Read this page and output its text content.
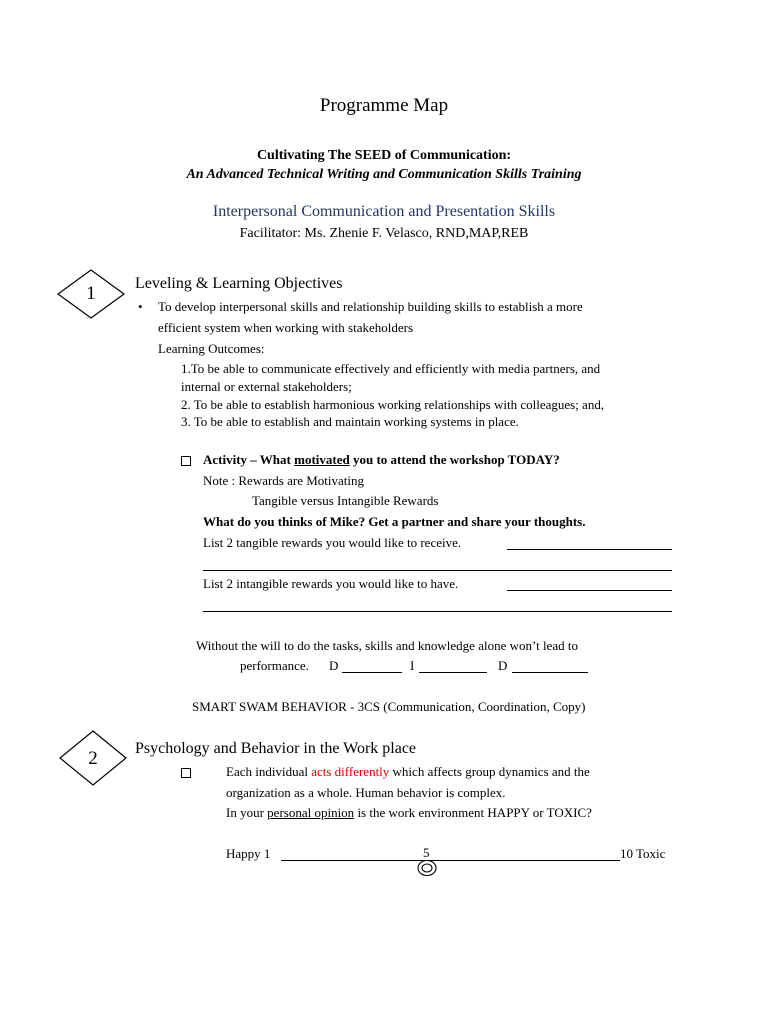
Programme Map
Cultivating The SEED of Communication:
An Advanced Technical Writing and Communication Skills Training
Interpersonal Communication and Presentation Skills
Facilitator: Ms. Zhenie F. Velasco, RND,MAP,REB
1	Leveling & Learning Objectives
• To develop interpersonal skills and relationship building skills to establish a more
efficient system when working with stakeholders
Learning Outcomes:
1.To be able to communicate effectively and efficiently with media partners, and
internal or external stakeholders;
2. To be able to establish harmonious working relationships with colleagues; and,
3. To be able to establish and maintain working systems in place.
Activity – What motivated you to attend the workshop TODAY?
Note : Rewards are Motivating
Tangible versus Intangible Rewards
What do you thinks of Mike? Get a partner and share your thoughts.
List 2 tangible rewards you would like to receive.
List 2 intangible rewards you would like to have.
Without the will to do the tasks, skills and knowledge alone won’t lead to
performance. D	I	D
SMART SWAM BEHAVIOR - 3CS (Communication, Coordination, Copy)
2	Psychology and Behavior in the Work place
Each individual acts differently which affects group dynamics and the
organization as a whole. Human behavior is complex.
In your personal opinion is the work environment HAPPY or TOXIC?
Happy 1	5	10 Toxic
